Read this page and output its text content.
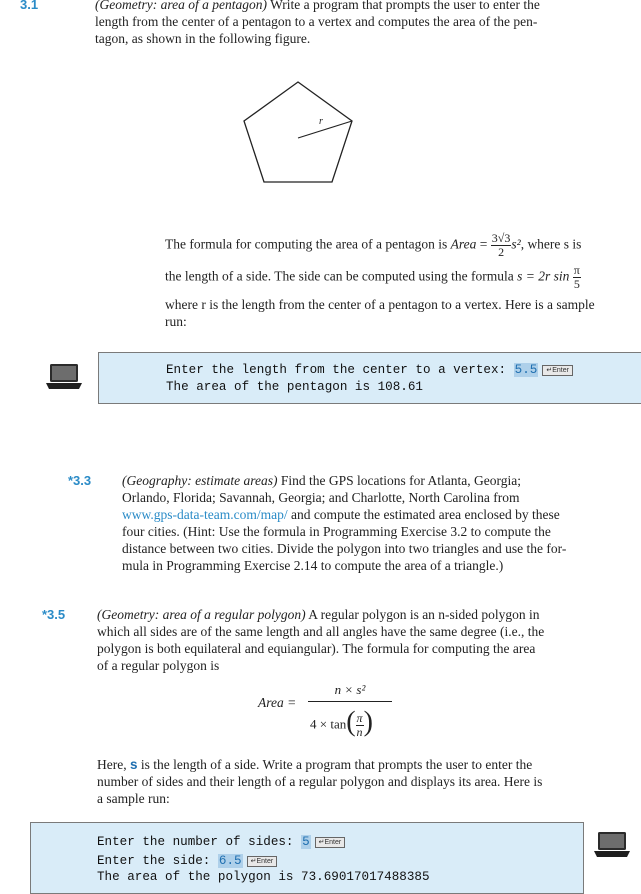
3.1	(Geometry: area of a pentagon) Write a program that prompts the user to enter the
length from the center of a pentagon to a vertex and computes the area of the pen-
tagon, as shown in the following figure.
r
The formula for computing the area of a pentagon is Area = $\frac{3√3}{2} s^2$, where s is
the length of a side. The side can be computed using the formula s = 2r $\sin \frac{\pi}{5}$
where r is the length from the center of a pentagon to a vertex. Here is a sample
run:
Enter the length from the center to a vertex: 5.5 ↵Enter
The area of the pentagon is 108.61
*3.3 (Geography: estimate areas) Find the GPS locations for Atlanta, Georgia;
Orlando, Florida; Savannah, Georgia; and Charlotte, North Carolina from
www.gps-data-team.com/map/ and compute the estimated area enclosed by these
four cities. (Hint: Use the formula in Programming Exercise 3.2 to compute the
distance between two cities. Divide the polygon into two triangles and use the for-
mula in Programming Exercise 2.14 to compute the area of a triangle.)
*3.5 (Geometry: area of a regular polygon) A regular polygon is an n-sided polygon in
which all sides are of the same length and all angles have the same degree (i.e., the
polygon is both equilateral and equiangular). The formula for computing the area
of a regular polygon is
Area =
n × s²
$4 \times \tan( \frac{\pi}{n}$ )
Here, s is the length of a side. Write a program that prompts the user to enter the
number of sides and their length of a regular polygon and displays its area. Here is
a sample run:
Enter the number of sides: 5 ↵Enter
Enter the side: 6.5 ↵Enter
The area of the polygon is 73.69017017488385
